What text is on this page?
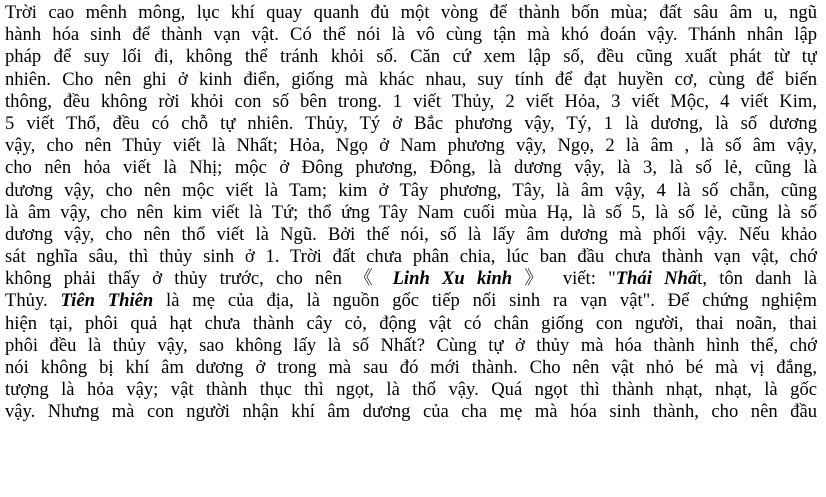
Trời cao mênh mông, lục khí quay quanh đủ một vòng để thành bốn mùa; đất sâu âm u, ngũ
hành hóa sinh để thành vạn vật. Có thể nói là vô cùng tận mà khó đoán vậy. Thánh nhân lập
pháp để suy lối đi, không thể tránh khỏi số. Căn cứ xem lập số, đều cũng xuất phát từ tự
nhiên. Cho nên ghi ở kinh điển, giống mà khác nhau, suy tính để đạt huyền cơ, cùng để biến
thông, đều không rời khỏi con số bên trong. 1 viết Thủy, 2 viết Hỏa, 3 viết Mộc, 4 viết Kim,
5 viết Thổ, đều có chỗ tự nhiên. Thủy, Tý ở Bắc phương vậy, Tý, 1 là dương, là số dương
vậy, cho nên Thủy viết là Nhất; Hỏa, Ngọ ở Nam phương vậy, Ngọ, 2 là âm , là số âm vậy,
cho nên hỏa viết là Nhị; mộc ở Đông phương, Đông, là dương vậy, là 3, là số lẻ, cũng là
dương vậy, cho nên mộc viết là Tam; kim ở Tây phương, Tây, là âm vậy, 4 là số chẵn, cũng
là âm vậy, cho nên kim viết là Tứ; thổ ứng Tây Nam cuối mùa Hạ, là số 5, là số lẻ, cũng là số
dương vậy, cho nên thổ viết là Ngũ. Bởi thế nói, số là lấy âm dương mà phối vậy. Nếu khảo
sát nghĩa sâu, thì thủy sinh ở 1. Trời đất chưa phân chia, lúc ban đầu chưa thành vạn vật, chớ
không phải thấy ở thủy trước, cho nên 《 Linh Xu kinh 》 viết: "Thái Nhất, tôn danh là
Thủy. Tiên Thiên là mẹ của địa, là nguồn gốc tiếp nối sinh ra vạn vật". Để chứng nghiệm
hiện tại, phôi quả hạt chưa thành cây cỏ, động vật có chân giống con người, thai noãn, thai
phôi đều là thủy vậy, sao không lấy là số Nhất? Cùng tự ở thủy mà hóa thành hình thể, chớ
nói không bị khí âm dương ở trong mà sau đó mới thành. Cho nên vật nhỏ bé mà vị đắng,
tượng là hỏa vậy; vật thành thục thì ngọt, là thổ vậy. Quá ngọt thì thành nhạt, nhạt, là gốc
vậy. Nhưng mà con người nhận khí âm dương của cha mẹ mà hóa sinh thành, cho nên đầu
